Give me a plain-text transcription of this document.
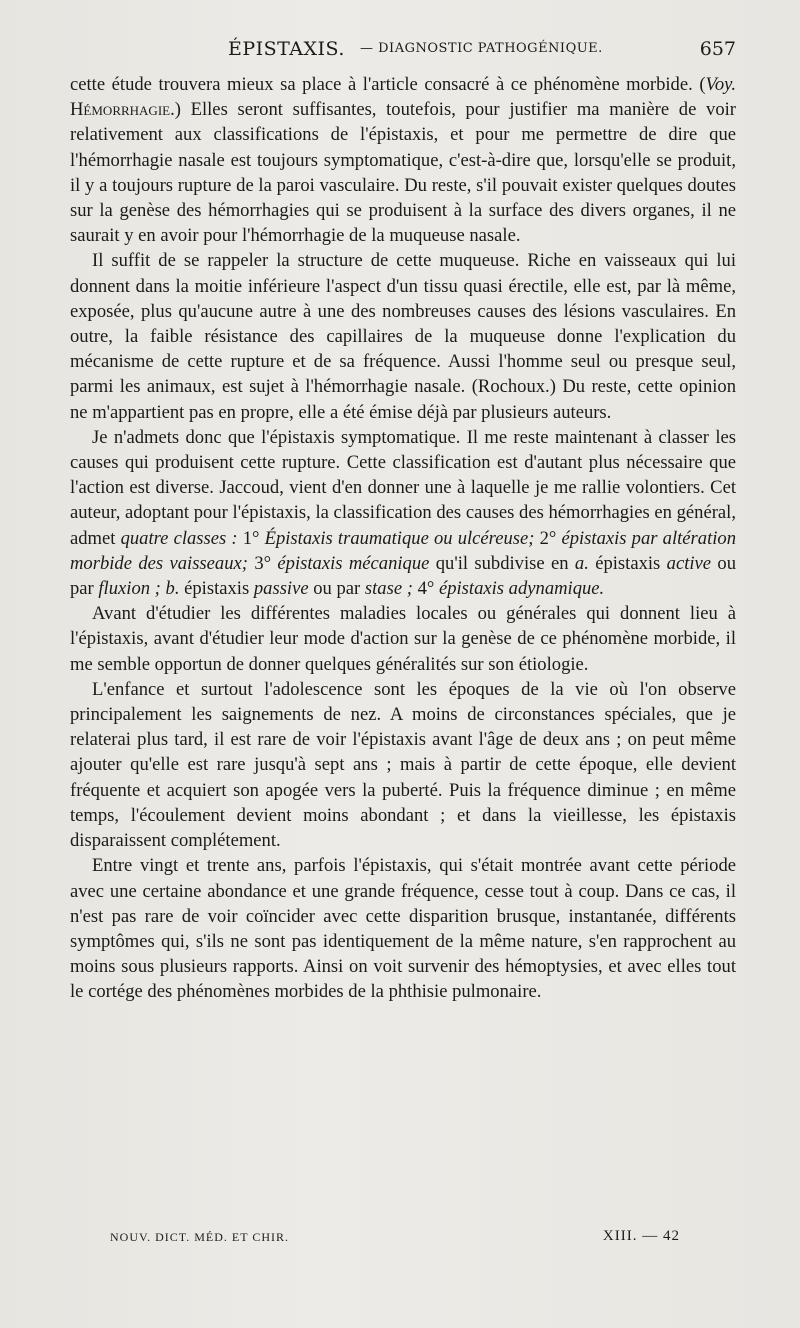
ÉPISTAXIS. — DIAGNOSTIC PATHOGÉNIQUE.	657

cette étude trouvera mieux sa place à l'article consacré à ce phénomène morbide. (Voy. Hémorrhagie.) Elles seront suffisantes, toutefois, pour justifier ma manière de voir relativement aux classifications de l'épistaxis, et pour me permettre de dire que l'hémorrhagie nasale est toujours symptomatique, c'est-à-dire que, lorsqu'elle se produit, il y a toujours rupture de la paroi vasculaire. Du reste, s'il pouvait exister quelques doutes sur la genèse des hémorrhagies qui se produisent à la surface des divers organes, il ne saurait y en avoir pour l'hémorrhagie de la muqueuse nasale.

Il suffit de se rappeler la structure de cette muqueuse. Riche en vaisseaux qui lui donnent dans la moitie inférieure l'aspect d'un tissu quasi érectile, elle est, par là même, exposée, plus qu'aucune autre à une des nombreuses causes des lésions vasculaires. En outre, la faible résistance des capillaires de la muqueuse donne l'explication du mécanisme de cette rupture et de sa fréquence. Aussi l'homme seul ou presque seul, parmi les animaux, est sujet à l'hémorrhagie nasale. (Rochoux.) Du reste, cette opinion ne m'appartient pas en propre, elle a été émise déjà par plusieurs auteurs.

Je n'admets donc que l'épistaxis symptomatique. Il me reste maintenant à classer les causes qui produisent cette rupture. Cette classification est d'autant plus nécessaire que l'action est diverse. Jaccoud, vient d'en donner une à laquelle je me rallie volontiers. Cet auteur, adoptant pour l'épistaxis, la classification des causes des hémorrhagies en général, admet quatre classes : 1° Épistaxis traumatique ou ulcéreuse; 2° épistaxis par altération morbide des vaisseaux; 3° épistaxis mécanique qu'il subdivise en a. épistaxis active ou par fluxion ; b. épistaxis passive ou par stase ; 4° épistaxis adynamique.

Avant d'étudier les différentes maladies locales ou générales qui donnent lieu à l'épistaxis, avant d'étudier leur mode d'action sur la genèse de ce phénomène morbide, il me semble opportun de donner quelques généralités sur son étiologie.

L'enfance et surtout l'adolescence sont les époques de la vie où l'on observe principalement les saignements de nez. A moins de circonstances spéciales, que je relaterai plus tard, il est rare de voir l'épistaxis avant l'âge de deux ans ; on peut même ajouter qu'elle est rare jusqu'à sept ans ; mais à partir de cette époque, elle devient fréquente et acquiert son apogée vers la puberté. Puis la fréquence diminue ; en même temps, l'écoulement devient moins abondant ; et dans la vieillesse, les épistaxis disparaissent complétement.

Entre vingt et trente ans, parfois l'épistaxis, qui s'était montrée avant cette période avec une certaine abondance et une grande fréquence, cesse tout à coup. Dans ce cas, il n'est pas rare de voir coïncider avec cette disparition brusque, instantanée, différents symptômes qui, s'ils ne sont pas identiquement de la même nature, s'en rapprochent au moins sous plusieurs rapports. Ainsi on voit survenir des hémoptysies, et avec elles tout le cortége des phénomènes morbides de la phthisie pulmonaire.

NOUV. DICT. MÉD. ET CHIR.	XIII. — 42
